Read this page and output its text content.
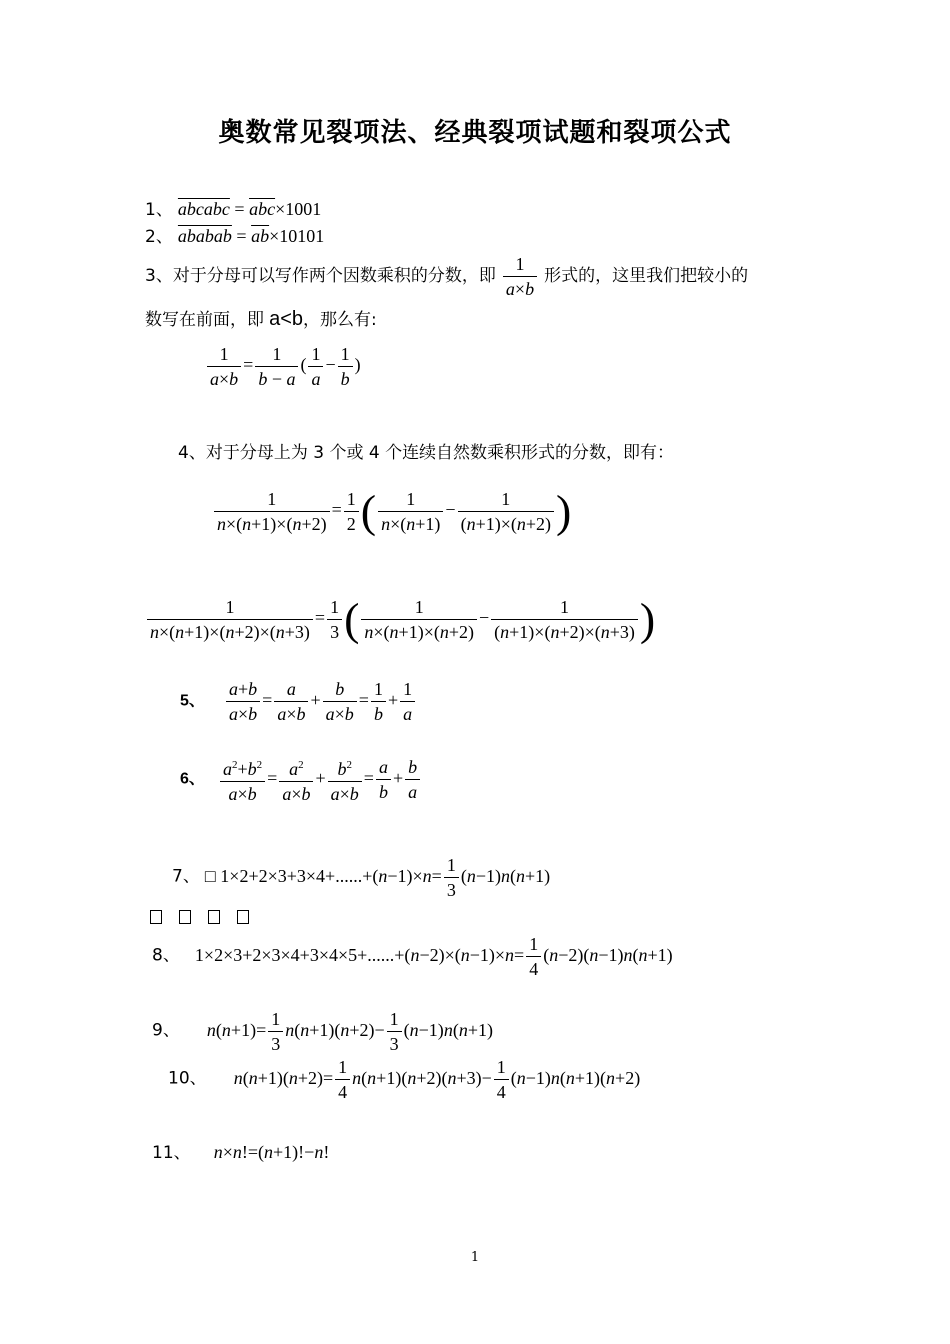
奥数常见裂项法、经典裂项试题和裂项公式
1、 abcabc = $\overline{abc}\times 1001$
2、 ababab = $\overline{ab}\times 10101$
3、对于分母可以写作两个因数乘积的分数，即 $\frac{1}{a\times b}$ 形式的，这里我们把较小的
数写在前面，即 a<b，那么有:
$\frac{1}{a\times b} = \frac{1}{b - a}$ ( $\frac{1}{a} - \frac{1}{b}$ )
4、对于分母上为 3 个或 4 个连续自然数乘积形式的分数，即有：
$\frac{1}{n\times(n+1)\times(n+2)} = \frac{1}{2}$ ( $\frac{1}{n\times(n+1)} - \frac{1}{(n+1)\times(n+2)}$ )
$\frac{1}{n\times(n+1)\times(n+2)\times(n+3)} = \frac{1}{3}$ ( $\frac{1}{n\times(n+1)\times(n+2)} - \frac{1}{(n+1)\times(n+2)\times(n+3)}$ )
5、 $\frac{a+b}{a\times b} = \frac{a}{a\times b} + \frac{b}{a\times b} = \frac{1}{b} + \frac{1}{a}$
6、 $\frac{a^2+b^2}{a\times b} = \frac{a^2}{a\times b} + \frac{b^2}{a\times b} = \frac{a}{b} + \frac{b}{a}$
7、 □ $1\times 2+2\times 3+3\times 4+......+(n-1)\times n= \frac{1}{3} (n-1)n(n+1)$
8、 $1\times 2\times 3+2\times 3\times 4+3\times 4\times 5+......+(n-2)\times(n-1)\times n= \frac{1}{4} (n-2)(n-1)n(n+1)$
9、 $n(n+1)= \frac{1}{3} n(n+1)(n+2)- \frac{1}{3} (n-1)n(n+1)$
10、 $n(n+1)(n+2)= \frac{1}{4} n(n+1)(n+2)(n+3)- \frac{1}{4} (n-1)n(n+1)(n+2)$
11、 n×n!=(n+1)!−n!
1
